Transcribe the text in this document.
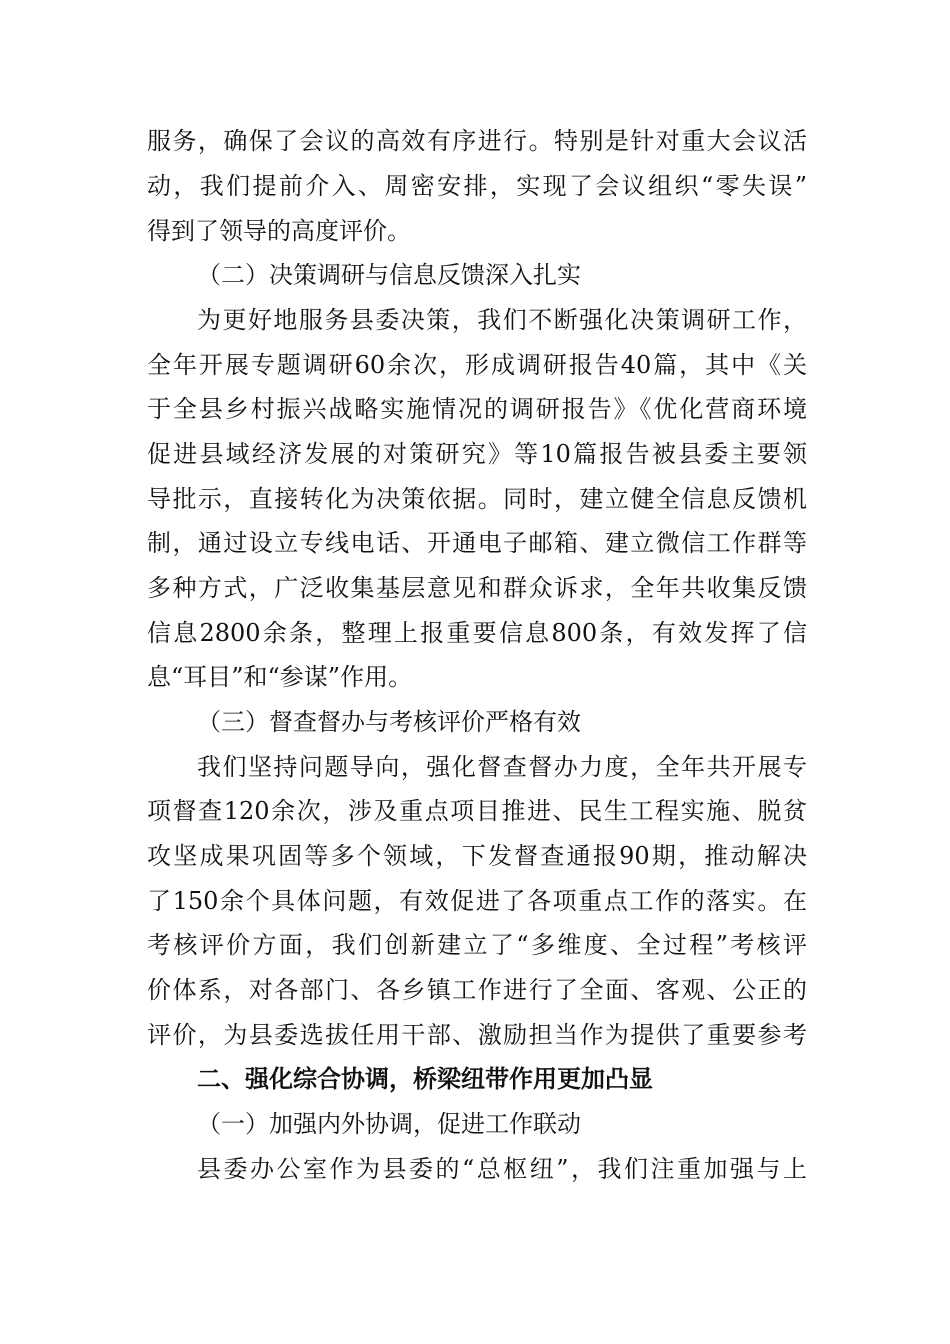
服务，确保了会议的高效有序进行。特别是针对重大会议活
动，我们提前介入、周密安排，实现了会议组织“零失误”
得到了领导的高度评价。
（二）决策调研与信息反馈深入扎实
为更好地服务县委决策，我们不断强化决策调研工作，
全年开展专题调研60余次，形成调研报告40篇，其中《关
于全县乡村振兴战略实施情况的调研报告》《优化营商环境
促进县域经济发展的对策研究》等10篇报告被县委主要领
导批示，直接转化为决策依据。同时，建立健全信息反馈机
制，通过设立专线电话、开通电子邮箱、建立微信工作群等
多种方式，广泛收集基层意见和群众诉求，全年共收集反馈
信息2800余条，整理上报重要信息800条，有效发挥了信
息“耳目”和“参谋”作用。
（三）督查督办与考核评价严格有效
我们坚持问题导向，强化督查督办力度，全年共开展专
项督查120余次，涉及重点项目推进、民生工程实施、脱贫
攻坚成果巩固等多个领域，下发督查通报90期，推动解决
了150余个具体问题，有效促进了各项重点工作的落实。在
考核评价方面，我们创新建立了“多维度、全过程”考核评
价体系，对各部门、各乡镇工作进行了全面、客观、公正的
评价，为县委选拔任用干部、激励担当作为提供了重要参考
二、强化综合协调，桥梁纽带作用更加凸显
（一）加强内外协调，促进工作联动
县委办公室作为县委的“总枢纽”，我们注重加强与上
